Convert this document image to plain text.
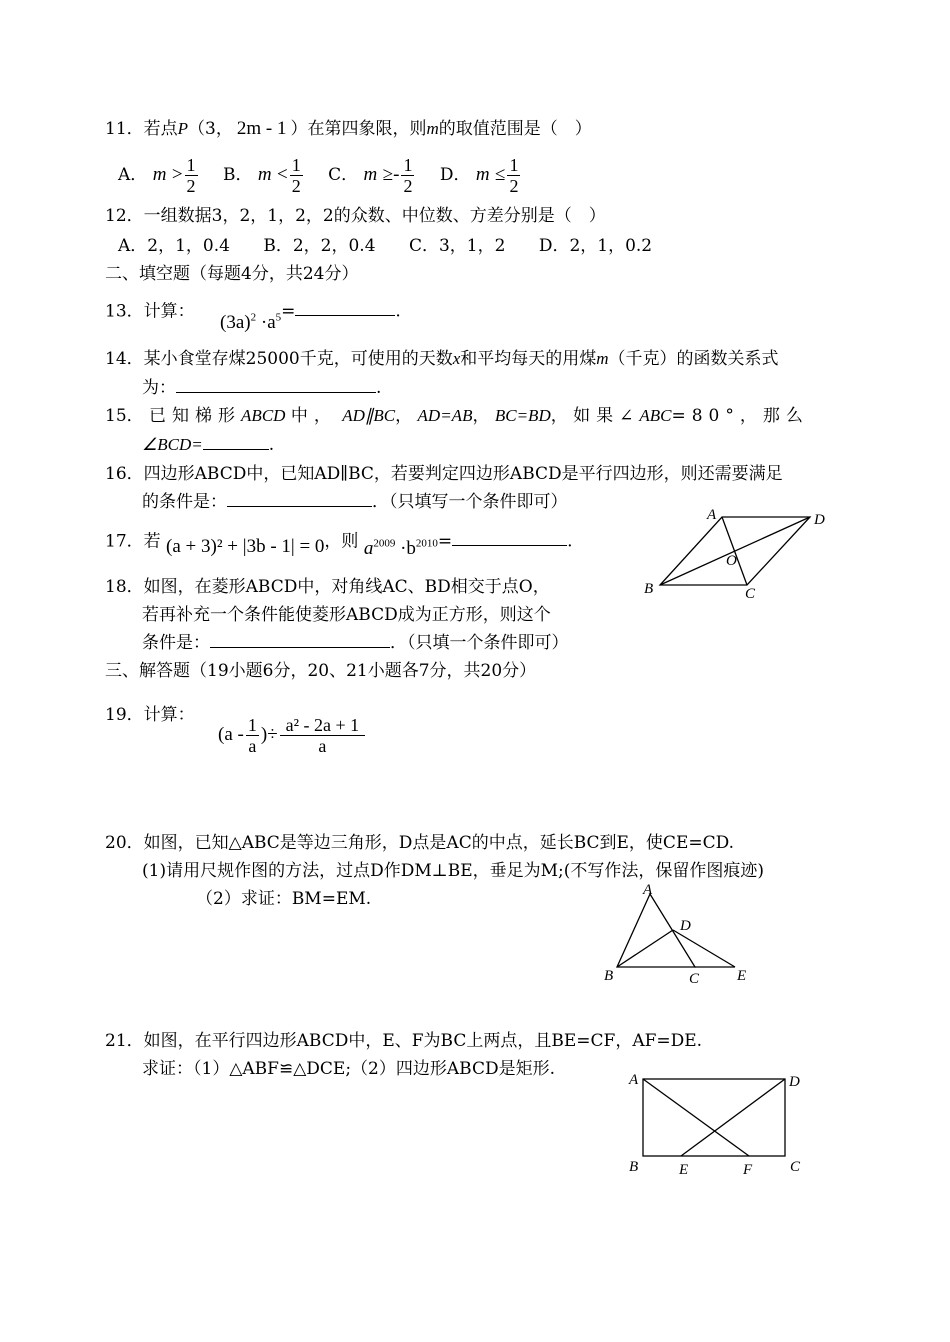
11．若点P（3， 2m - 1 ）在第四象限，则m的取值范围是（　）
A． $m > \frac{1}{2}$ B． $m < \frac{1}{2}$ C． $m \ge- \frac{1}{2}$ D． $m \le \frac{1}{2}$
12．一组数据3，2，1，2，2的众数、中位数、方差分别是（　）
A．2，1，0.4 B．2，2，0.4 C．3，1，2 D．2，1，0.2
二、填空题（每题4分，共24分）
13．计算： $(3a)^2 \cdot a^5=$	.
14．某小食堂存煤25000千克，可使用的天数x和平均每天的用煤m（千克）的函数关系式
为：	.
15． 已知梯形ABCD 中， AD∥BC， AD=AB， BC=BD， 如果∠ABC=80°，那么
∠BCD=	.
16．四边形ABCD中，已知AD∥BC，若要判定四边形ABCD是平行四边形，则还需要满足
的条件是：	．（只填写一个条件即可）
17．若 (a + 3)² + |3b - 1| = 0，则 $a^{2009} \cdot b^{2010}=$	.
18．如图，在菱形ABCD中，对角线AC、BD相交于点O，
若再补充一个条件能使菱形ABCD成为正方形，则这个
条件是：	．（只填一个条件即可）
A	D
O
B	C
三、解答题（19小题6分，20、21小题各7分，共20分）
19．计算： ($a - \frac{1}{a}$ )÷ $\frac{\text{a² - 2a + 1}}{a}$
20．如图，已知△ABC是等边三角形，D点是AC的中点，延长BC到E，使CE=CD.
(1)请用尺规作图的方法，过点D作DM⊥BE，垂足为M;(不写作法，保留作图痕迹)
（2）求证：BM=EM.	A
D
B	C	E
21．如图，在平行四边形ABCD中，E、F为BC上两点，且BE=CF，AF=DE.
求证：（1）△ABF≌△DCE;（2）四边形ABCD是矩形.
A	D
B	E	F	C
